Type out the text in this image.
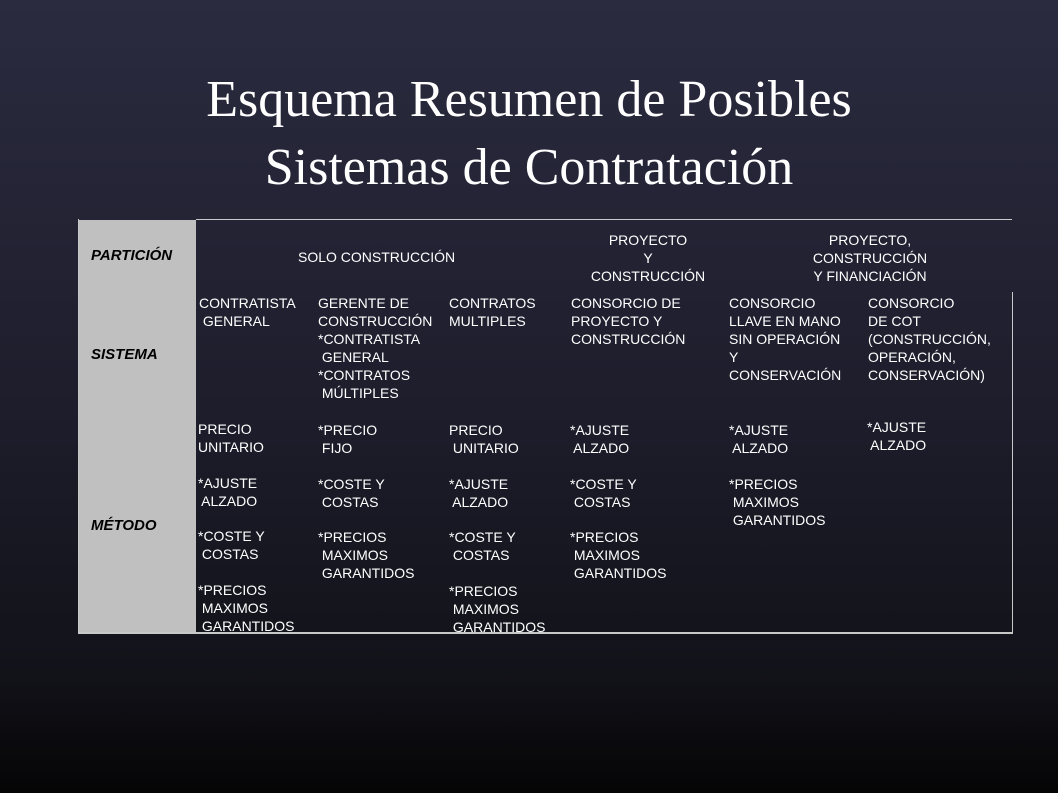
Esquema Resumen de Posibles
Sistemas de Contratación
PARTICIÓN
SISTEMA
MÉTODO
SOLO CONSTRUCCIÓN
PROYECTO
Y
CONSTRUCCIÓN
PROYECTO,
CONSTRUCCIÓN
Y FINANCIACIÓN
CONTRATISTA
GENERAL
GERENTE DE
CONSTRUCCIÓN
*CONTRATISTA
GENERAL
*CONTRATOS
MÚLTIPLES
CONTRATOS
MULTIPLES
CONSORCIO DE
PROYECTO Y
CONSTRUCCIÓN
CONSORCIO
LLAVE EN MANO
SIN OPERACIÓN
Y
CONSERVACIÓN
CONSORCIO
DE COT
(CONSTRUCCIÓN,
OPERACIÓN,
CONSERVACIÓN)
PRECIO
UNITARIO
*AJUSTE
ALZADO
*COSTE Y
COSTAS
*PRECIOS
MAXIMOS
GARANTIDOS
*PRECIO
FIJO
*COSTE Y
COSTAS
*PRECIOS
MAXIMOS
GARANTIDOS
PRECIO
UNITARIO
*AJUSTE
ALZADO
*COSTE Y
COSTAS
*PRECIOS
MAXIMOS
GARANTIDOS
*AJUSTE
ALZADO
*COSTE Y
COSTAS
*PRECIOS
MAXIMOS
GARANTIDOS
*AJUSTE
ALZADO
*PRECIOS
MAXIMOS
GARANTIDOS
*AJUSTE
ALZADO
